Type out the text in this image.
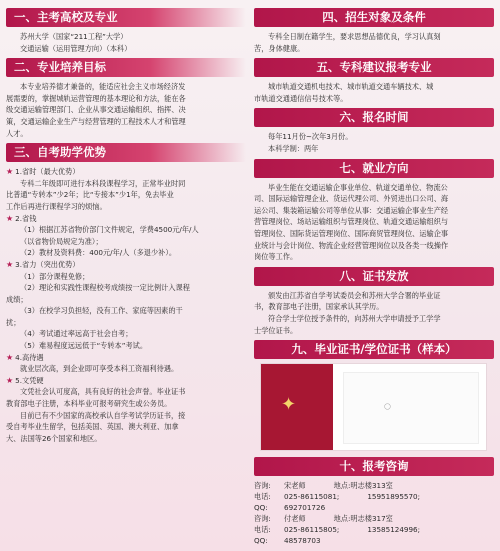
一、主考高校及专业
苏州大学（国家“211工程”大学）
交通运输（运用管理方向）（本科）
二、专业培养目标
本专业培养德才兼备的，能适应社会主义市场经济发
展需要的，掌握城轨运营管理的基本理论和方法，能在各
级交通运输管理部门、企业从事交通运输组织、指挥、决
策，交通运输企业生产与经营管理的工程技术人才和管理
人才。
三、自考助学优势

★ 1.省时（最大优势）

专科二年级即可进行本科段课程学习，正常毕业时同
比普通“专转本”少2年；比“专接本”少1年，免去毕业
工作后再进行课程学习的烦恼。

★ 2.省钱

（1）根据江苏省物价部门文件规定，学费4500元/年/人
（以省物价局规定为准）；
（2）教材及资料费：400元/年/人（多退少补）。

★ 3.省力（突出优势）

（1）部分课程免修；
（2）理论和实践性课程校考成绩按一定比例计入课程
成绩；
（3）在校学习负担轻，没有工作、家庭等因素的干
扰；
（4）考试通过率远高于社会自考；
（5）难易程度远远低于“专转本”考试。

★ 4.高待遇

就业层次高，到企业即可享受本科工资福利待遇。

★ 5.文凭硬

文凭社会认可度高，具有良好的社会声誉。毕业证书
教育部电子注册，本科毕业可报考研究生或公务员。
目前已有不少国家的高校承认自学考试学历证书，接
受自考毕业生留学，包括美国、英国、澳大利亚、加拿
大、法国等26个国家和地区。
四、招生对象及条件
专科全日制在籍学生，要求思想品德优良，学习认真刻
苦，身体健康。
五、专科建议报考专业
城市轨道交通机电技术、城市轨道交通车辆技术、城
市轨道交通通信信号技术等。
六、报名时间
每年11月份~次年3月份。
本科学制：两年
七、就业方向
毕业生能在交通运输企事业单位、轨道交通单位、物流公
司、国际运输管理企业、货运代理公司、外贸进出口公司、海
运公司、集装箱运输公司等单位从事：交通运输企事业生产经
营管理岗位、场站运输组织与管理岗位、轨道交通运输组织与
管理岗位、国际货运管理岗位、国际商贸管理岗位、运输企事
业统计与会计岗位、物流企业经营管理岗位以及各类一线操作
岗位等工作。
八、证书发放
颁发由江苏省自学考试委员会和苏州大学合署的毕业证
书，教育部电子注册，国家承认其学历。
符合学士学位授予条件的，向苏州大学申请授予工学学
士学位证书。
九、毕业证书/学位证书（样本）
✦	◯
十、报考咨询
咨询: 宋老师	地点:明志楼313室
电话: 025-86115081;	15951895570;
QQ: 692701726
咨询: 付老师	地点:明志楼317室
电话: 025-86115805;	13585124996;
QQ: 48578703
